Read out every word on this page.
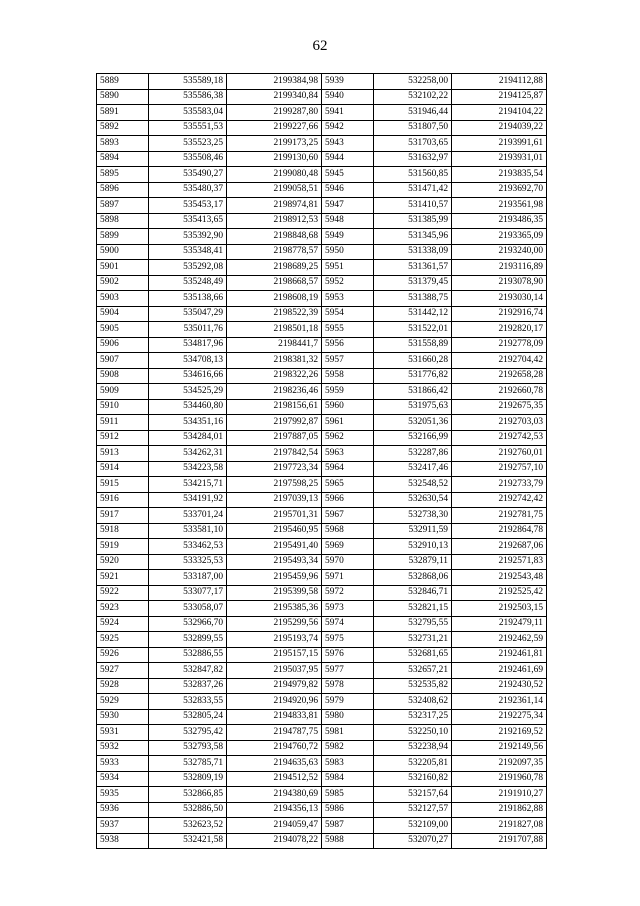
62
5889	535589,18	2199384,98	5939	532258,00	2194112,88
5890	535586,38	2199340,84	5940	532102,22	2194125,87
5891	535583,04	2199287,80	5941	531946,44	2194104,22
5892	535551,53	2199227,66	5942	531807,50	2194039,22
5893	535523,25	2199173,25	5943	531703,65	2193991,61
5894	535508,46	2199130,60	5944	531632,97	2193931,01
5895	535490,27	2199080,48	5945	531560,85	2193835,54
5896	535480,37	2199058,51	5946	531471,42	2193692,70
5897	535453,17	2198974,81	5947	531410,57	2193561,98
5898	535413,65	2198912,53	5948	531385,99	2193486,35
5899	535392,90	2198848,68	5949	531345,96	2193365,09
5900	535348,41	2198778,57	5950	531338,09	2193240,00
5901	535292,08	2198689,25	5951	531361,57	2193116,89
5902	535248,49	2198668,57	5952	531379,45	2193078,90
5903	535138,66	2198608,19	5953	531388,75	2193030,14
5904	535047,29	2198522,39	5954	531442,12	2192916,74
5905	535011,76	2198501,18	5955	531522,01	2192820,17
5906	534817,96	2198441,7	5956	531558,89	2192778,09
5907	534708,13	2198381,32	5957	531660,28	2192704,42
5908	534616,66	2198322,26	5958	531776,82	2192658,28
5909	534525,29	2198236,46	5959	531866,42	2192660,78
5910	534460,80	2198156,61	5960	531975,63	2192675,35
5911	534351,16	2197992,87	5961	532051,36	2192703,03
5912	534284,01	2197887,05	5962	532166,99	2192742,53
5913	534262,31	2197842,54	5963	532287,86	2192760,01
5914	534223,58	2197723,34	5964	532417,46	2192757,10
5915	534215,71	2197598,25	5965	532548,52	2192733,79
5916	534191,92	2197039,13	5966	532630,54	2192742,42
5917	533701,24	2195701,31	5967	532738,30	2192781,75
5918	533581,10	2195460,95	5968	532911,59	2192864,78
5919	533462,53	2195491,40	5969	532910,13	2192687,06
5920	533325,53	2195493,34	5970	532879,11	2192571,83
5921	533187,00	2195459,96	5971	532868,06	2192543,48
5922	533077,17	2195399,58	5972	532846,71	2192525,42
5923	533058,07	2195385,36	5973	532821,15	2192503,15
5924	532966,70	2195299,56	5974	532795,55	2192479,11
5925	532899,55	2195193,74	5975	532731,21	2192462,59
5926	532886,55	2195157,15	5976	532681,65	2192461,81
5927	532847,82	2195037,95	5977	532657,21	2192461,69
5928	532837,26	2194979,82	5978	532535,82	2192430,52
5929	532833,55	2194920,96	5979	532408,62	2192361,14
5930	532805,24	2194833,81	5980	532317,25	2192275,34
5931	532795,42	2194787,75	5981	532250,10	2192169,52
5932	532793,58	2194760,72	5982	532238,94	2192149,56
5933	532785,71	2194635,63	5983	532205,81	2192097,35
5934	532809,19	2194512,52	5984	532160,82	2191960,78
5935	532866,85	2194380,69	5985	532157,64	2191910,27
5936	532886,50	2194356,13	5986	532127,57	2191862,88
5937	532623,52	2194059,47	5987	532109,00	2191827,08
5938	532421,58	2194078,22	5988	532070,27	2191707,88
